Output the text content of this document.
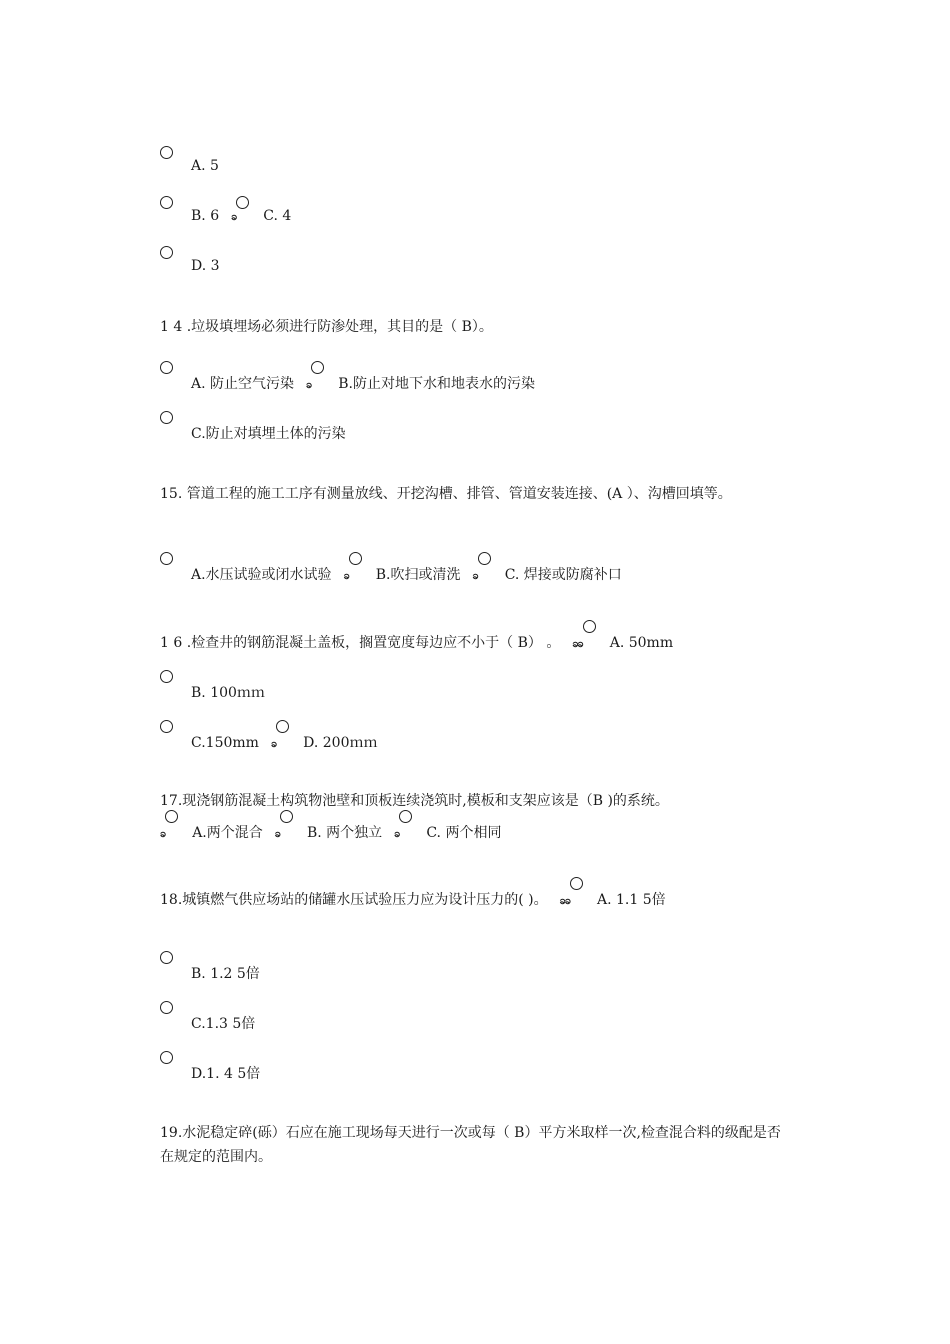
A. 5
B. 6 ခ C. 4
D. 3
1 4 .垃圾填埋场必须进行防渗处理，其目的是（ B）。
A. 防止空气污染 ခ B.防止对地下水和地表水的污染
C.防止对填埋土体的污染
15. 管道工程的施工工序有测量放线、开挖沟槽、排管、管道安装连接、(A ）、沟槽回填等。
A.水压试验或闭水试验 ခ B.吹扫或清洗 ခ C. 焊接或防腐补口
1 6 .检查井的钢筋混凝土盖板，搁置宽度每边应不小于（ B） 。 ခခ A. 50mm
B. 100ｍｍ
C.150mm ခ D. 200ｍｍ
17.现浇钢筋混凝土构筑物池壁和顶板连续浇筑时,模板和支架应该是（B )的系统。
ခ A.两个混合 ခ B. 两个独立 ခ C. 两个相同
18.城镇燃气供应场站的储罐水压试验压力应为设计压力的( )。 ခခ A. 1.1 5倍
B. 1.2 5倍
C.1.3 5倍
D.1. 4 5倍
19.水泥稳定碎(砾）石应在施工现场每天进行一次或每（ B）平方米取样一次,检查混合料的级配是否在规定的范围内。
